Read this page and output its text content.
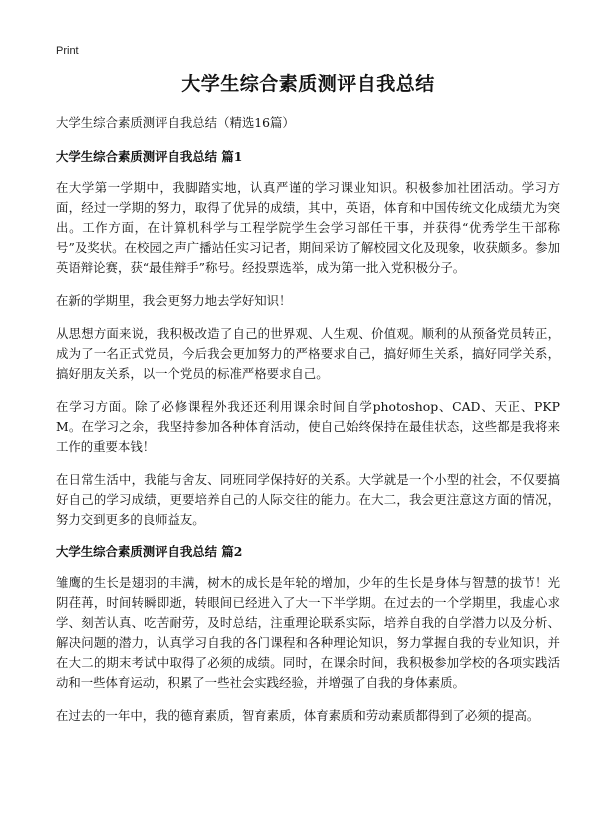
Print
大学生综合素质测评自我总结
大学生综合素质测评自我总结（精选16篇）
大学生综合素质测评自我总结 篇1

在大学第一学期中，我脚踏实地，认真严谨的学习课业知识。积极参加社团活动。学习方面，经过一学期的努力，取得了优异的成绩，其中，英语，体育和中国传统文化成绩尤为突出。工作方面，在计算机科学与工程学院学生会学习部任干事，并获得“优秀学生干部称号”及奖状。在校园之声广播站任实习记者，期间采访了解校园文化及现象，收获颇多。参加英语辩论赛，获“最佳辩手”称号。经投票选举，成为第一批入党积极分子。

在新的学期里，我会更努力地去学好知识！

从思想方面来说，我积极改造了自己的世界观、人生观、价值观。顺利的从预备党员转正，成为了一名正式党员，今后我会更加努力的严格要求自己，搞好师生关系，搞好同学关系，搞好朋友关系，以一个党员的标准严格要求自己。

在学习方面。除了必修课程外我还还利用课余时间自学photoshop、CAD、天正、PKPM。在学习之余，我坚持参加各种体育活动，使自己始终保持在最佳状态，这些都是我将来工作的重要本钱！

在日常生活中，我能与舍友、同班同学保持好的关系。大学就是一个小型的社会，不仅要搞好自己的学习成绩，更要培养自己的人际交往的能力。在大二，我会更注意这方面的情况，努力交到更多的良师益友。

大学生综合素质测评自我总结 篇2

雏鹰的生长是翅羽的丰满，树木的成长是年轮的增加，少年的生长是身体与智慧的拔节！光阴荏苒，时间转瞬即逝，转眼间已经进入了大一下半学期。在过去的一个学期里，我虚心求学、刻苦认真、吃苦耐劳，及时总结，注重理论联系实际，培养自我的自学潜力以及分析、解决问题的潜力，认真学习自我的各门课程和各种理论知识，努力掌握自我的专业知识，并在大二的期末考试中取得了必须的成绩。同时，在课余时间，我积极参加学校的各项实践活动和一些体育运动，积累了一些社会实践经验，并增强了自我的身体素质。

在过去的一年中，我的德育素质，智育素质，体育素质和劳动素质都得到了必须的提高。
